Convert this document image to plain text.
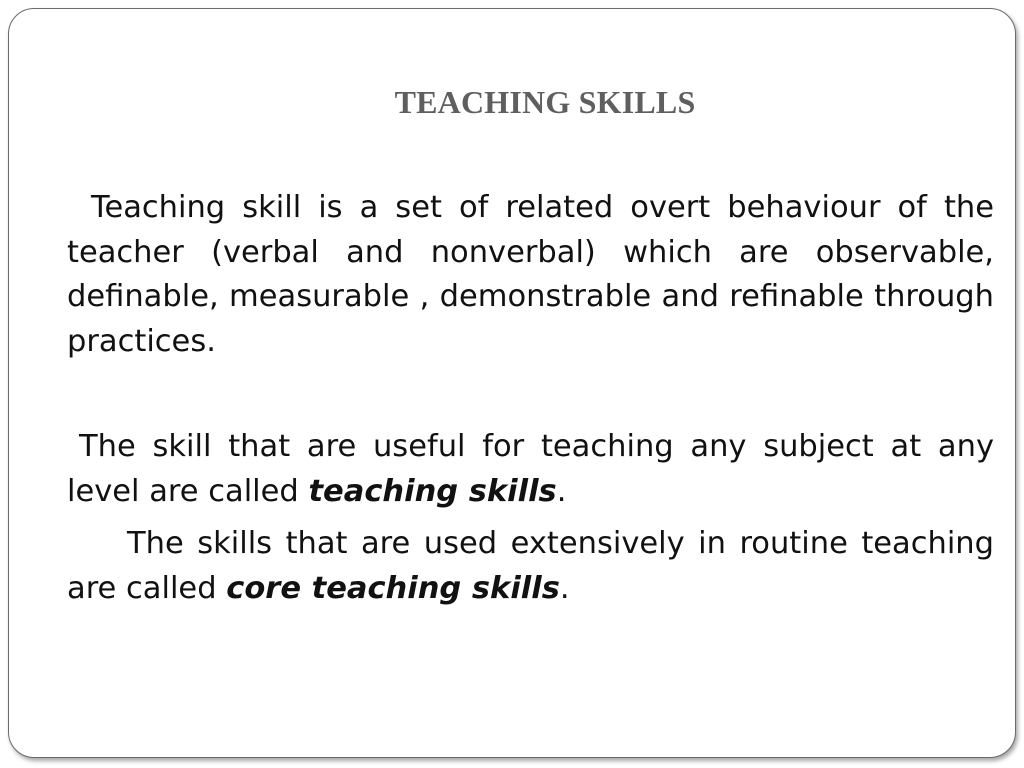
TEACHING SKILLS

Teaching skill is a set of related overt behaviour of the teacher (verbal and nonverbal) which are observable, definable, measurable , demonstrable and refinable through practices.

The skill that are useful for teaching any subject at any level are called teaching skills.

The skills that are used extensively in routine teaching are called core teaching skills.
